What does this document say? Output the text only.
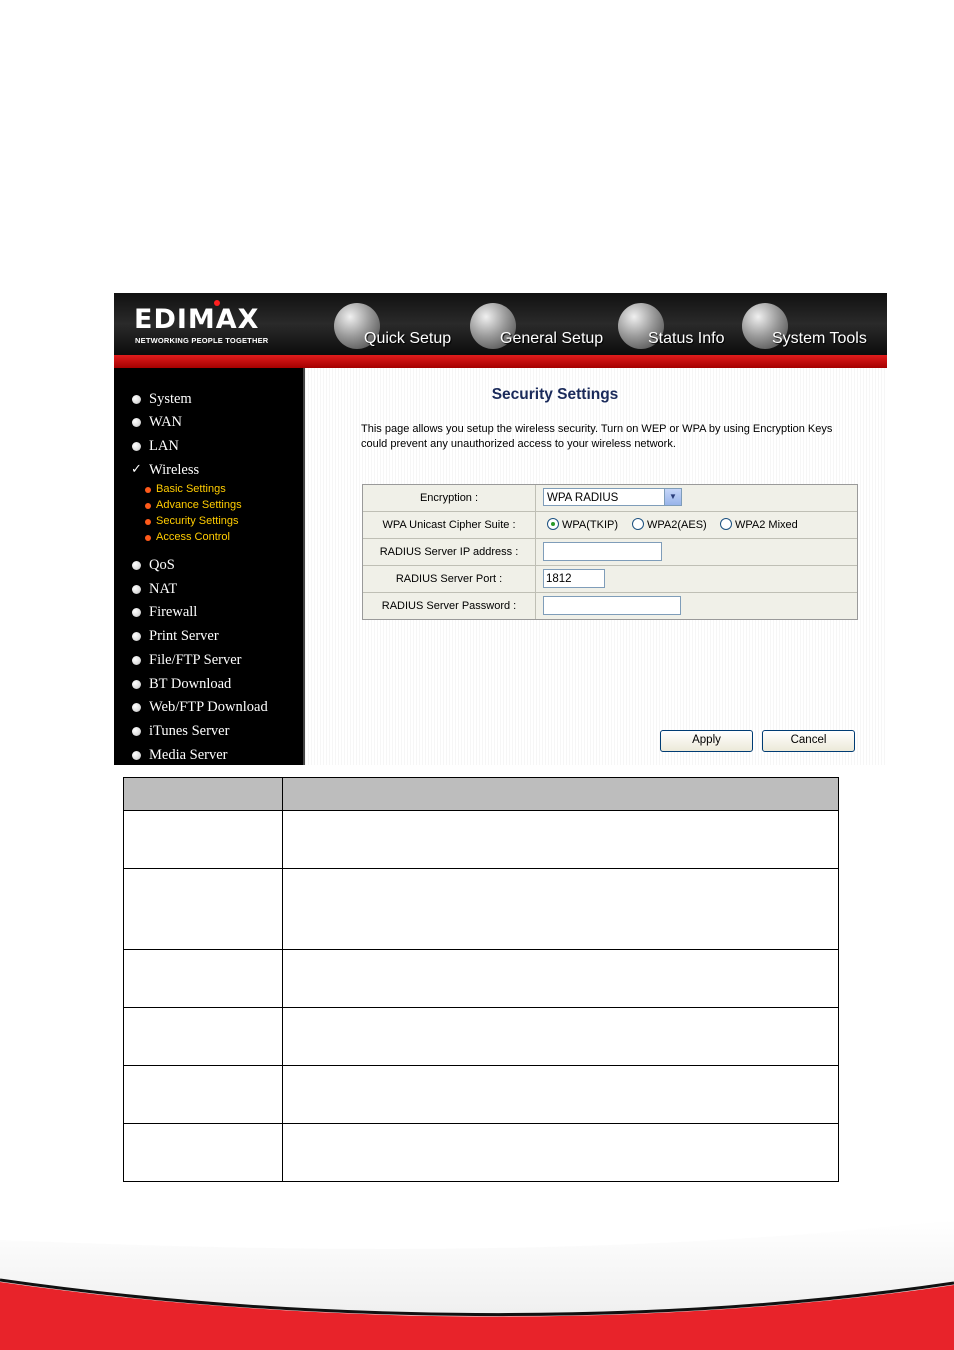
EDIMAX
NETWORKING PEOPLE TOGETHER	Quick Setup	General Setup	Status Info	System Tools
System
WAN
LAN
✓ Wireless
Basic Settings
Advance Settings
Security Settings
Access Control
QoS
NAT
Firewall
Print Server
File/FTP Server
BT Download
Web/FTP Download
iTunes Server
Media Server
Security Settings
This page allows you setup the wireless security. Turn on WEP or WPA by using Encryption Keys could prevent any unauthorized access to your wireless network.
Encryption :	WPA RADIUS	▼
WPA Unicast Cipher Suite :	WPA(TKIP)	WPA2(AES)	WPA2 Mixed
RADIUS Server IP address :
RADIUS Server Port :	1812
RADIUS Server Password :
Apply	Cancel
